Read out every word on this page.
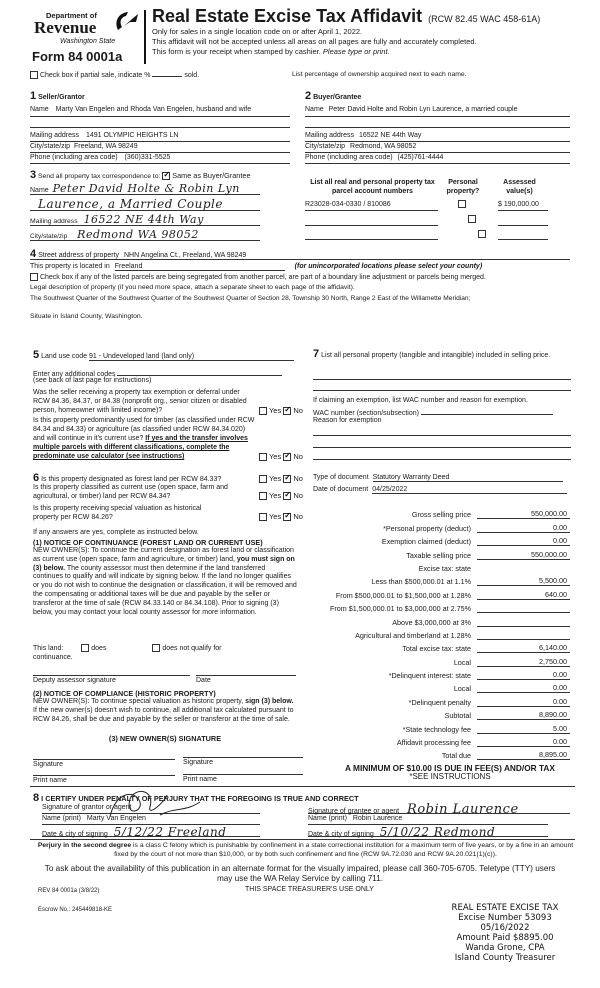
Department of
Revenue
Washington State
Form 84 0001a
Real Estate Excise Tax Affidavit (RCW 82.45 WAC 458-61A)
Only for sales in a single location code on or after April 1, 2022.
This affidavit will not be accepted unless all areas on all pages are fully and accurately completed.
This form is your receipt when stamped by cashier. Please type or print.
Check box if partial sale, indicate %	sold.	List percentage of ownership acquired next to each name.
1 Seller/Grantor
Name Marty Van Engelen and Rhoda Van Engelen, husband and wife
Mailing address 1491 OLYMPIC HEIGHTS LN
City/state/zip Freeland, WA 98249
Phone (including area code) (360)331-5525
2 Buyer/Grantee
Name Peter David Holte and Robin Lyn Laurence, a married couple
Mailing address 16522 NE 44th Way
City/state/zip Redmond, WA 98052
Phone (including area code) (425)761-4444
3 Send all property tax correspondence to: ✓ Same as Buyer/Grantee
Name Peter David Holte & Robin Lyn
Laurence, a Married Couple
Mailing address 16522 NE 44th Way
City/state/zip Redmond WA 98052
List all real and personal property tax parcel account numbers
Personal property?
Assessed value(s)
R23028-034-0330 / 810086
	$ 190,000.00

4 Street address of property NHN Angelina Ct., Freeland, WA 98249
This property is located in Freeland	(for unincorporated locations please select your county)
Check box if any of the listed parcels are being segregated from another parcel, are part of a boundary line adjustment or parcels being merged.
Legal description of property (if you need more space, attach a separate sheet to each page of the affidavit).
The Southwest Quarter of the Southwest Quarter of the Southwest Quarter of Section 28, Township 30 North, Range 2 East of the Willamette Meridian;
Situate in Island County, Washington.
5 Land use code 91 - Undeveloped land (land only)
Enter any additional codes
(see back of last page for instructions)
Was the seller receiving a property tax exemption or deferral under RCW 84.36, 84.37, or 84.38 (nonprofit org., senior citizen or disabled person, homeowner with limited income)?	Yes ✓ No
Is this property predominantly used for timber (as classified under RCW 84.34 and 84.33) or agriculture (as classified under RCW 84.34.020) and will continue in it's current use? If yes and the transfer involves multiple parcels with different classifications, complete the predominate use calculator (see instructions)	Yes ✓ No
6 Is this property designated as forest land per RCW 84.33?	Yes ✓ No
Is this property classified as current use (open space, farm and agricultural, or timber) land per RCW 84.34?	Yes ✓ No
Is this property receiving special valuation as historical property per RCW 84.26?	Yes ✓ No
If any answers are yes, complete as instructed below.
(1) NOTICE OF CONTINUANCE (FOREST LAND OR CURRENT USE)
NEW OWNER(S): To continue the current designation as forest land or classification as current use (open space, farm and agriculture, or timber) land, you must sign on (3) below. The county assessor must then determine if the land transferred continues to qualify and will indicate by signing below. If the land no longer qualifies or you do not wish to continue the designation or classification, it will be removed and the compensating or additional taxes will be due and payable by the seller or transferor at the time of sale (RCW 84.33.140 or 84.34.108). Prior to signing (3) below, you may contact your local county assessor for more information.
This land:	does	does not qualify for
continuance.
Deputy assessor signature	Date
(2) NOTICE OF COMPLIANCE (HISTORIC PROPERTY)
NEW OWNER(S): To continue special valuation as historic property, sign (3) below. If the new owner(s) doesn't wish to continue, all additional tax calculated pursuant to RCW 84.26, shall be due and payable by the seller or transferor at the time of sale.
(3) NEW OWNER(S) SIGNATURE
Signature	Signature
Print name	Print name
7 List all personal property (tangible and intangible) included in selling price.
If claiming an exemption, list WAC number and reason for exemption.
WAC number (section/subsection)
Reason for exemption
Type of document Statutory Warranty Deed
Date of document 04/25/2022
Gross selling price	550,000.00
*Personal property (deduct)	0.00
Exemption claimed (deduct)	0.00
Taxable selling price	550,000.00
Excise tax: state
Less than $500,000.01 at 1.1%	5,500.00
From $500,000.01 to $1,500,000 at 1.28%	640.00
From $1,500,000.01 to $3,000,000 at 2.75%
Above $3,000,000 at 3%
Agricultural and timberland at 1.28%
Total excise tax: state	6,140.00
Local	2,750.00
*Delinquent interest: state	0.00
Local	0.00
*Delinquent penalty	0.00
Subtotal	8,890.00
*State technology fee	5.00
Affidavit processing fee	0.00
Total due	8,895.00
A MINIMUM OF $10.00 IS DUE IN FEE(S) AND/OR TAX
*SEE INSTRUCTIONS
8 I CERTIFY UNDER PENALTY OF PERJURY THAT THE FOREGOING IS TRUE AND CORRECT
Signature of grantor or agent
Name (print) Marty Van Engelen
Date & city of signing 5/12/22 Freeland
Signature of grantee or agent Robin Laurence
Name (print) Robin Laurence
Date & city of signing 5/10/22 Redmond
Perjury in the second degree is a class C felony which is punishable by confinement in a state correctional institution for a maximum term of five years, or by a fine in an amount fixed by the court of not more than $10,000, or by both such confinement and fine (RCW 9A.72.030 and RCW 9A.20.021(1)(c)).
To ask about the availability of this publication in an alternate format for the visually impaired, please call 360-705-6705. Teletype (TTY) users may use the WA Relay Service by calling 711.
REV 84 0001a (3/8/22)	THIS SPACE TREASURER'S USE ONLY
Escrow No.: 245449818-KE	REAL ESTATE EXCISE TAX
Excise Number 53093
05/16/2022
Amount Paid $8895.00
Wanda Grone, CPA
Island County Treasurer
